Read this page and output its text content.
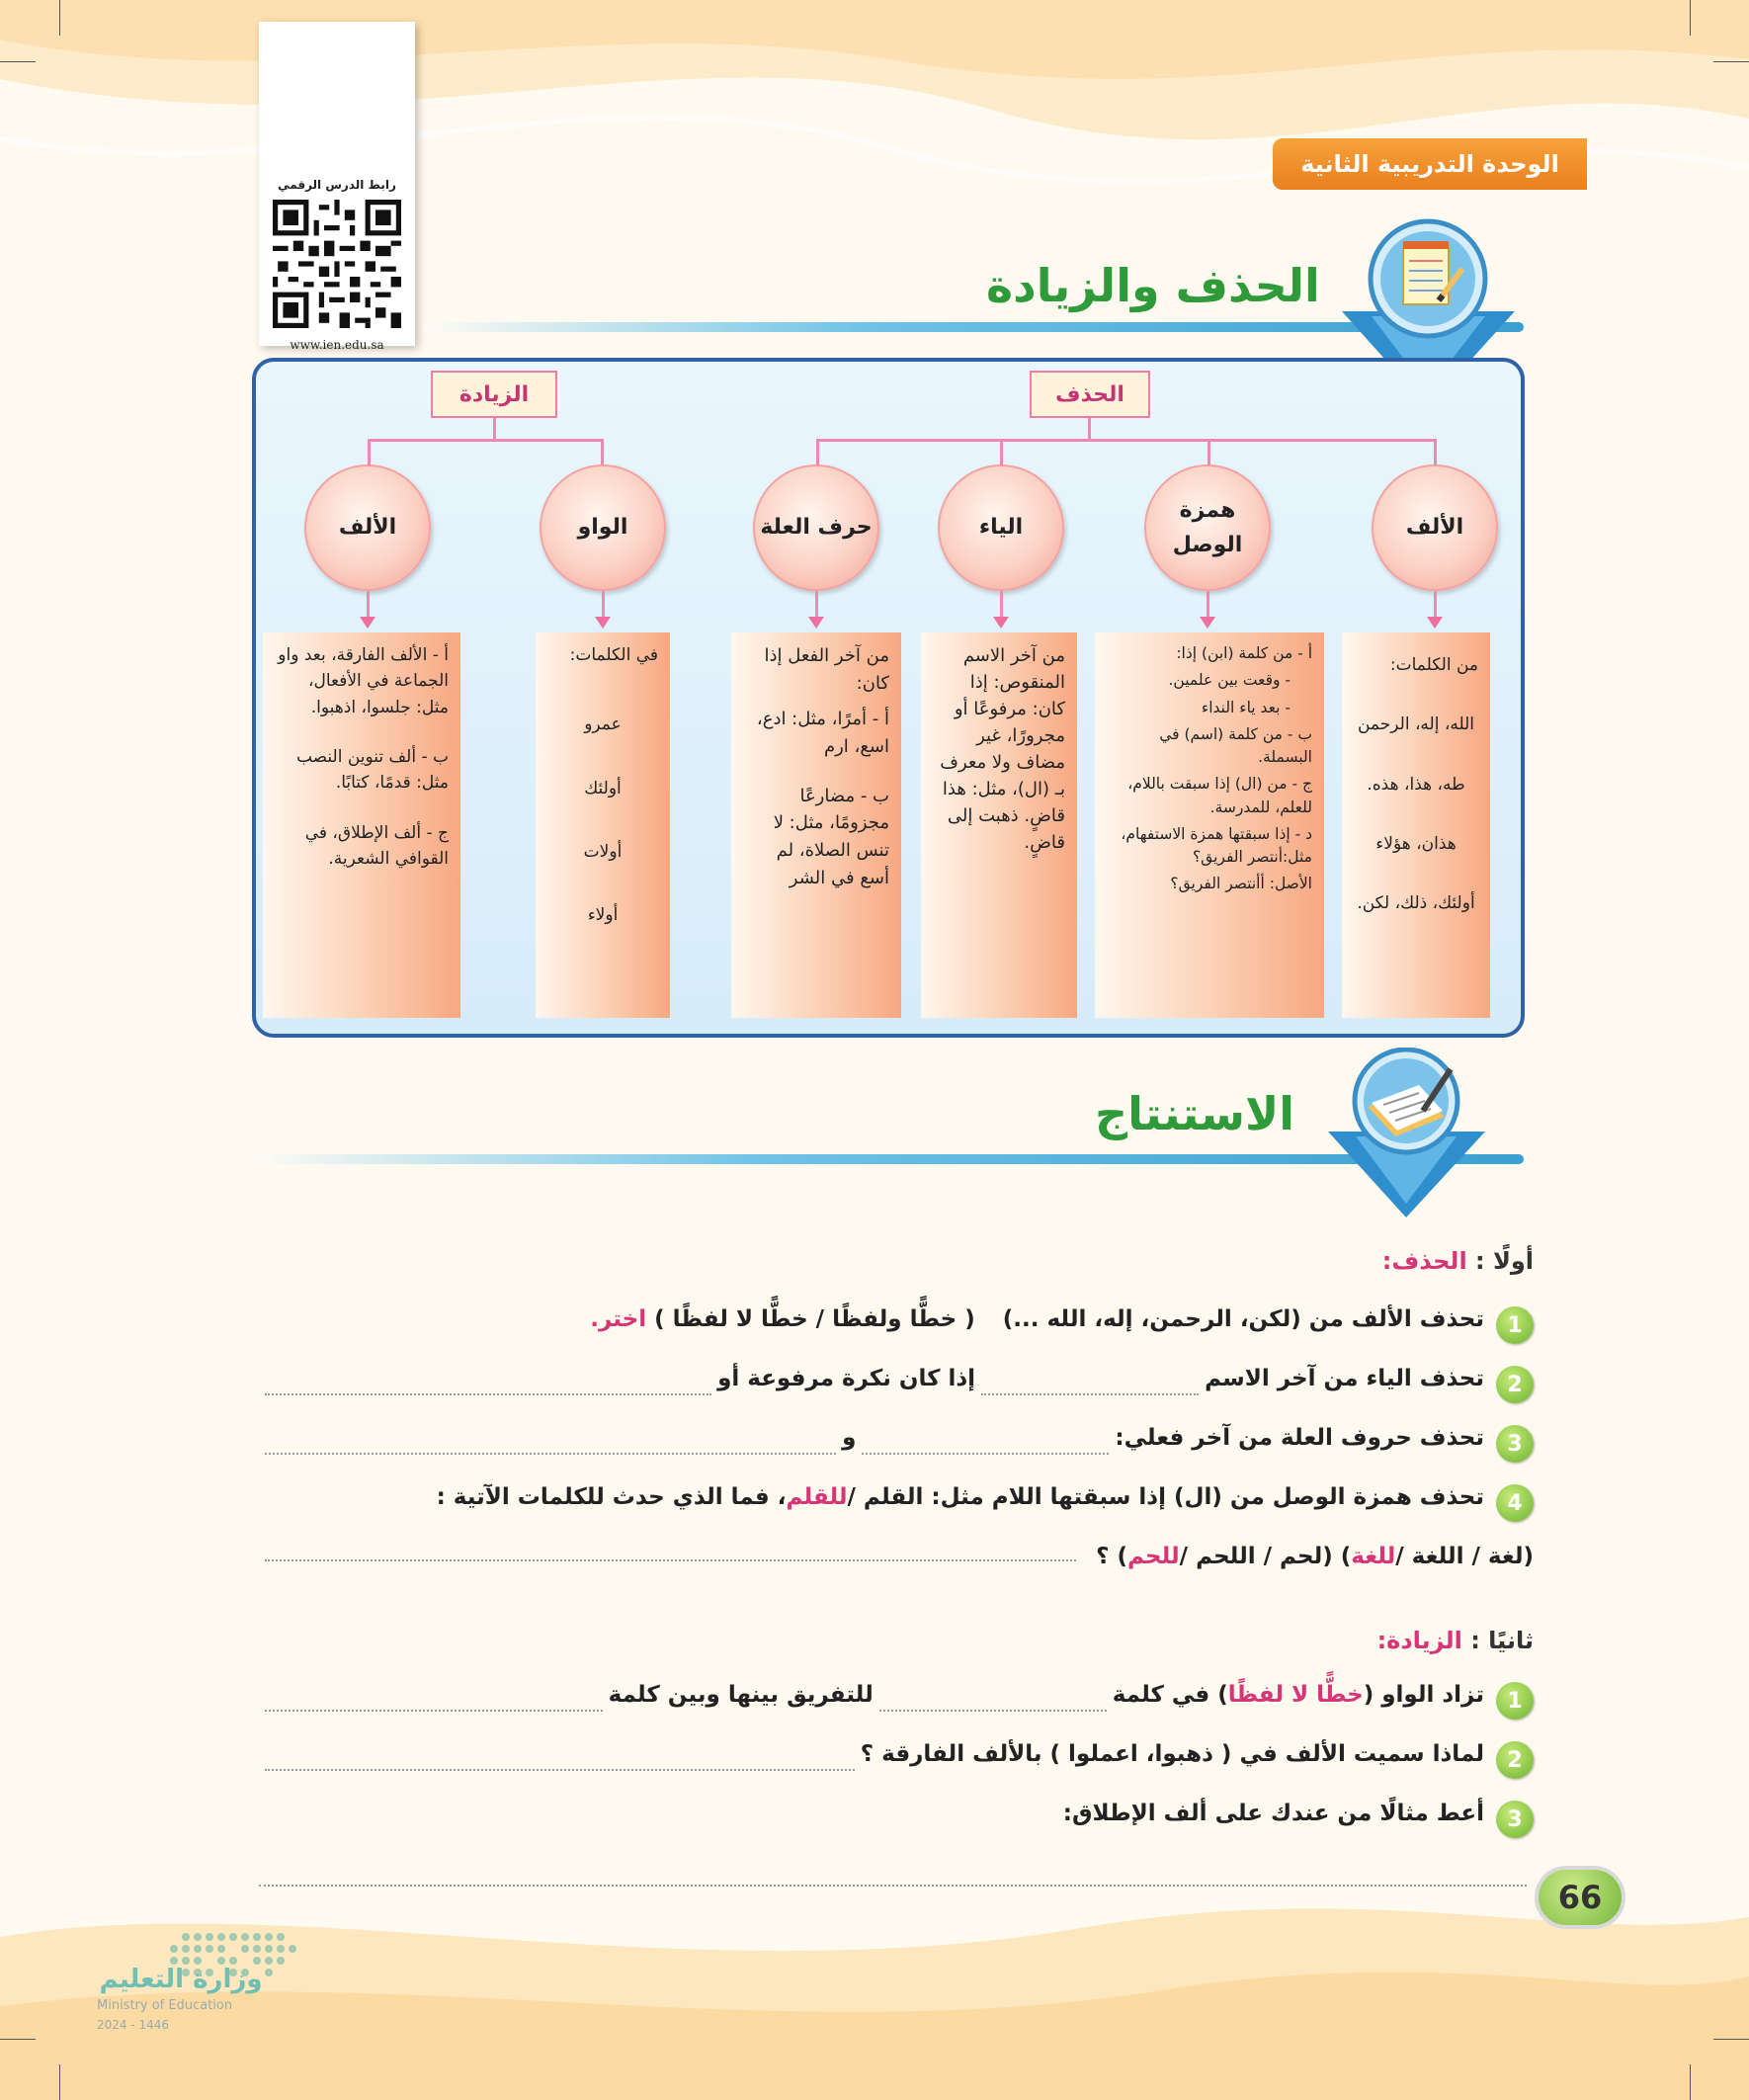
الوحدة التدريبية الثانية
رابط الدرس الرقمي
www.ien.edu.sa
الحذف والزيادة
الزيادة	الحذف
الألف
همزة الوصل
الياء
حرف العلة
الواو
الألف

من الكلمات:

الله، إله، الرحمن

طه، هذا، هذه.

هذان، هؤلاء

أولئك، ذلك، لكن.

أ - من كلمة (ابن) إذا:

- وقعت بين علمين.

- بعد ياء النداء

ب - من كلمة (اسم) في البسملة.

ج - من (ال) إذا سبقت باللام، للعلم، للمدرسة.

د - إذا سبقتها همزة الاستفهام، مثل:أنتصر الفريق؟

الأصل: أأنتصر الفريق؟

من آخر الاسم المنقوص: إذا كان: مرفوعًا أو مجرورًا، غير مضاف ولا معرف بـ (ال)، مثل: هذا قاضٍ. ذهبت إلى قاضٍ.

من آخر الفعل إذا كان:

أ - أمرًا، مثل: ادع، اسع، ارم

ب - مضارعًا مجزومًا، مثل: لا تنس الصلاة، لم أسع في الشر

في الكلمات:

عمرو

أولئك

أولات

أولاء

أ - الألف الفارقة، بعد واو الجماعة في الأفعال، مثل: جلسوا، اذهبوا.

ب - ألف تنوين النصب مثل: قدمًا، كتابًا.

ج - ألف الإطلاق، في القوافي الشعرية.

الاستنتاج
أولًا : الحذف:
1
تحذف الألف من (لكن، الرحمن، إله، الله ...)
( خطًّا ولفظًا / خطًّا لا لفظًا )
اختر.
2
تحذف الياء من آخر الاسم
إذا كان نكرة مرفوعة أو
3
تحذف حروف العلة من آخر فعلي:
و
4
تحذف همزة الوصل من (ال) إذا سبقتها اللام مثل: القلم /
للقلم
، فما الذي حدث للكلمات الآتية :
(لغة / اللغة /
للغة
) (لحم / اللحم /
للحم
) ؟
ثانيًا : الزيادة:
1
تزاد الواو (
خطًّا لا لفظًا
) في كلمة
للتفريق بينها وبين كلمة
2
لماذا سميت الألف في ( ذهبوا، اعملوا ) بالألف الفارقة ؟
3
أعط مثالًا من عندك على ألف الإطلاق:
66
وزارة التعليم
Ministry of Education
2024 - 1446
